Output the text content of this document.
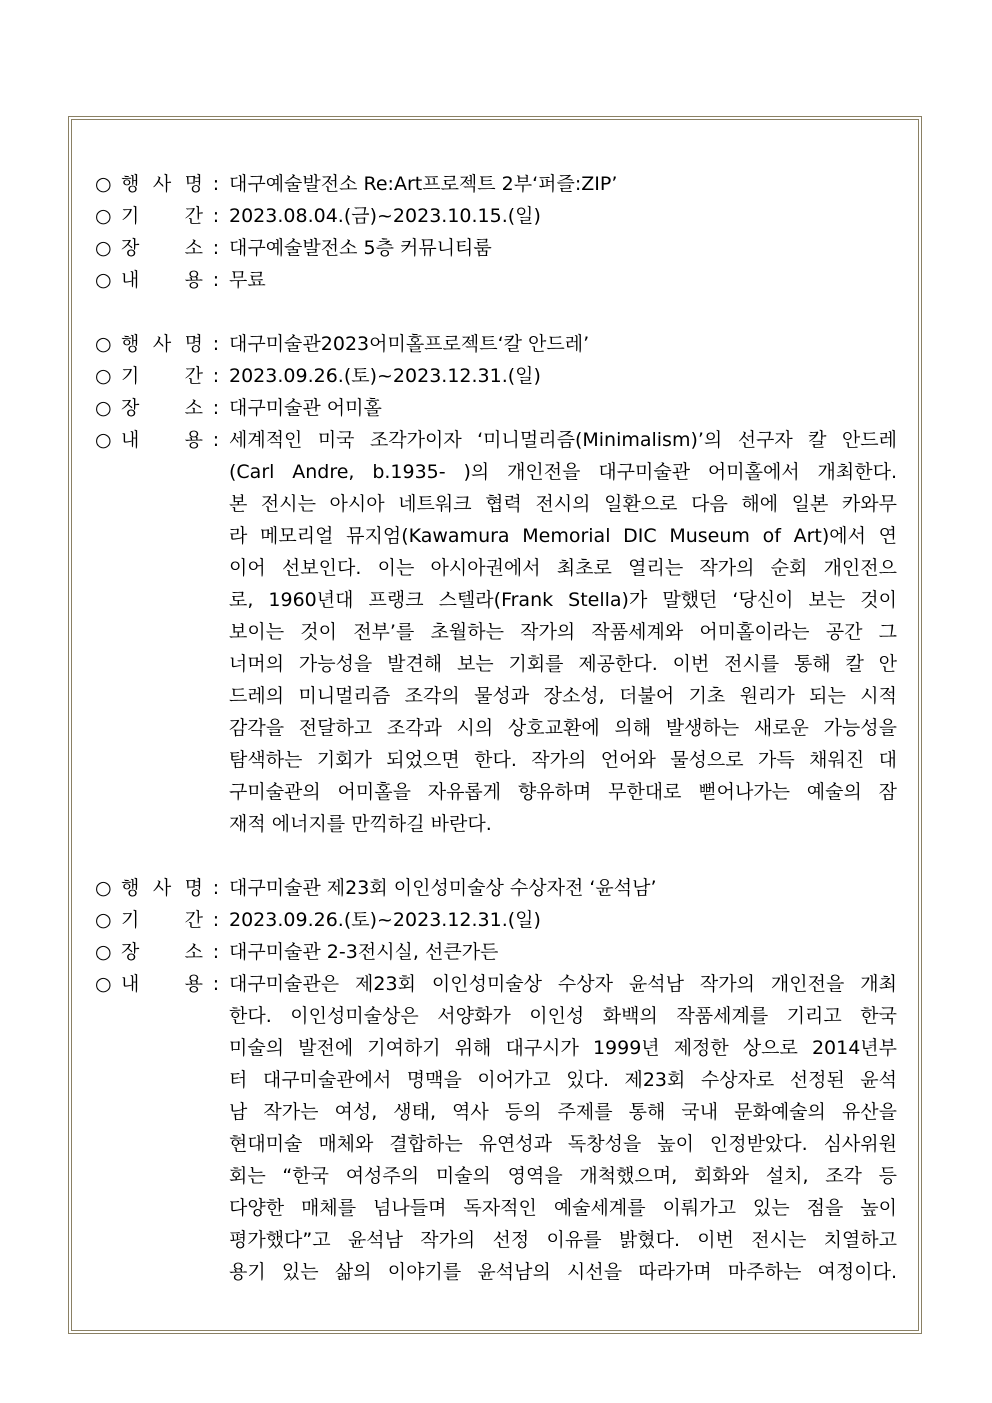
○ 행 사 명 : 대구예술발전소 Re:Art프로젝트 2부‘퍼즐:ZIP’
○ 기 간 : 2023.08.04.(금)~2023.10.15.(일)
○ 장 소 : 대구예술발전소 5층 커뮤니티룸
○ 내 용 : 무료
○ 행 사 명 : 대구미술관2023어미홀프로젝트‘칼 안드레’
○ 기 간 : 2023.09.26.(토)~2023.12.31.(일)
○ 장 소 : 대구미술관 어미홀
○ 내 용 : 세계적인 미국 조각가이자 ‘미니멀리즘(Minimalism)’의 선구자 칼 안드레
(Carl Andre, b.1935- )의 개인전을 대구미술관 어미홀에서 개최한다.
본 전시는 아시아 네트워크 협력 전시의 일환으로 다음 해에 일본 카와무
라 메모리얼 뮤지엄(Kawamura Memorial DIC Museum of Art)에서 연
이어 선보인다. 이는 아시아권에서 최초로 열리는 작가의 순회 개인전으
로, 1960년대 프랭크 스텔라(Frank Stella)가 말했던 ‘당신이 보는 것이
보이는 것이 전부’를 초월하는 작가의 작품세계와 어미홀이라는 공간 그
너머의 가능성을 발견해 보는 기회를 제공한다. 이번 전시를 통해 칼 안
드레의 미니멀리즘 조각의 물성과 장소성, 더불어 기초 원리가 되는 시적
감각을 전달하고 조각과 시의 상호교환에 의해 발생하는 새로운 가능성을
탐색하는 기회가 되었으면 한다. 작가의 언어와 물성으로 가득 채워진 대
구미술관의 어미홀을 자유롭게 향유하며 무한대로 뻗어나가는 예술의 잠
재적 에너지를 만끽하길 바란다.
○ 행 사 명 : 대구미술관 제23회 이인성미술상 수상자전 ‘윤석남’
○ 기 간 : 2023.09.26.(토)~2023.12.31.(일)
○ 장 소 : 대구미술관 2-3전시실, 선큰가든
○ 내 용 : 대구미술관은 제23회 이인성미술상 수상자 윤석남 작가의 개인전을 개최
한다. 이인성미술상은 서양화가 이인성 화백의 작품세계를 기리고 한국
미술의 발전에 기여하기 위해 대구시가 1999년 제정한 상으로 2014년부
터 대구미술관에서 명맥을 이어가고 있다. 제23회 수상자로 선정된 윤석
남 작가는 여성, 생태, 역사 등의 주제를 통해 국내 문화예술의 유산을
현대미술 매체와 결합하는 유연성과 독창성을 높이 인정받았다. 심사위원
회는 “한국 여성주의 미술의 영역을 개척했으며, 회화와 설치, 조각 등
다양한 매체를 넘나들며 독자적인 예술세계를 이뤄가고 있는 점을 높이
평가했다”고 윤석남 작가의 선정 이유를 밝혔다. 이번 전시는 치열하고
용기 있는 삶의 이야기를 윤석남의 시선을 따라가며 마주하는 여정이다.
